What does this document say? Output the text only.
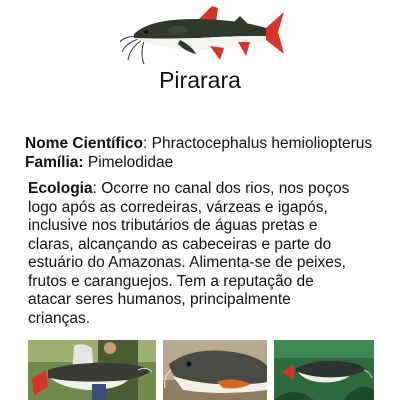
Pirarara
Nome Científico: Phractocephalus hemioliopterus
Família: Pimelodidae
Ecologia: Ocorre no canal dos rios, nos poços
logo após as corredeiras, várzeas e igapós,
inclusive nos tributários de águas pretas e
claras, alcançando as cabeceiras e parte do
estuário do Amazonas. Alimenta-se de peixes,
frutos e caranguejos. Tem a reputação de
atacar seres humanos, principalmente
crianças.
